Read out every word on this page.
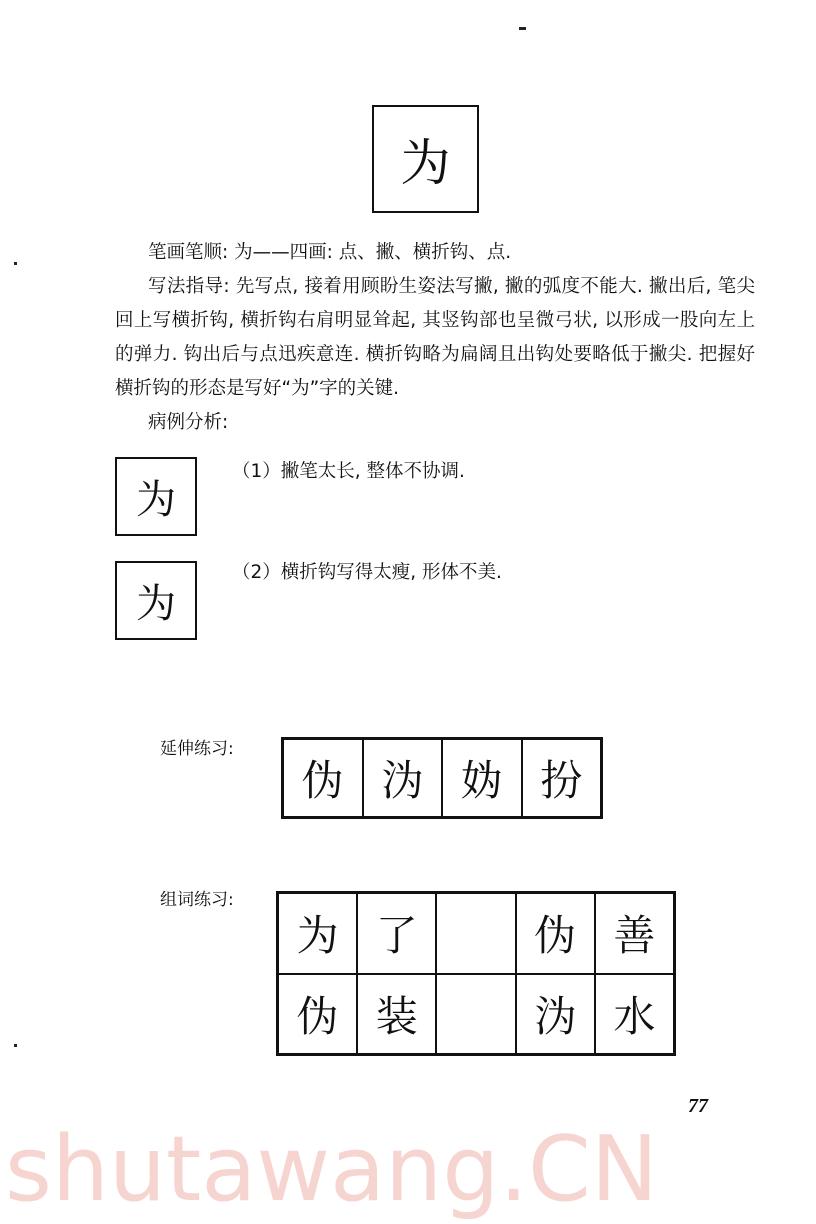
为

笔画笔顺: 为——四画: 点、撇、横折钩、点.

写法指导: 先写点, 接着用顾盼生姿法写撇, 撇的弧度不能大. 撇出后, 笔尖回上写横折钩, 横折钩右肩明显耸起, 其竖钩部也呈微弓状, 以形成一股向左上的弹力. 钩出后与点迅疾意连. 横折钩略为扁阔且出钩处要略低于撇尖. 把握好横折钩的形态是写好“为”字的关键.

病例分析:

为
（1）撇笔太长, 整体不协调.
为
（2）横折钩写得太瘦, 形体不美.
延伸练习:
伪 沩 妫 扮
组词练习:
为 了	伪 善
伪 装	沩 水
77
shutawang.CN
